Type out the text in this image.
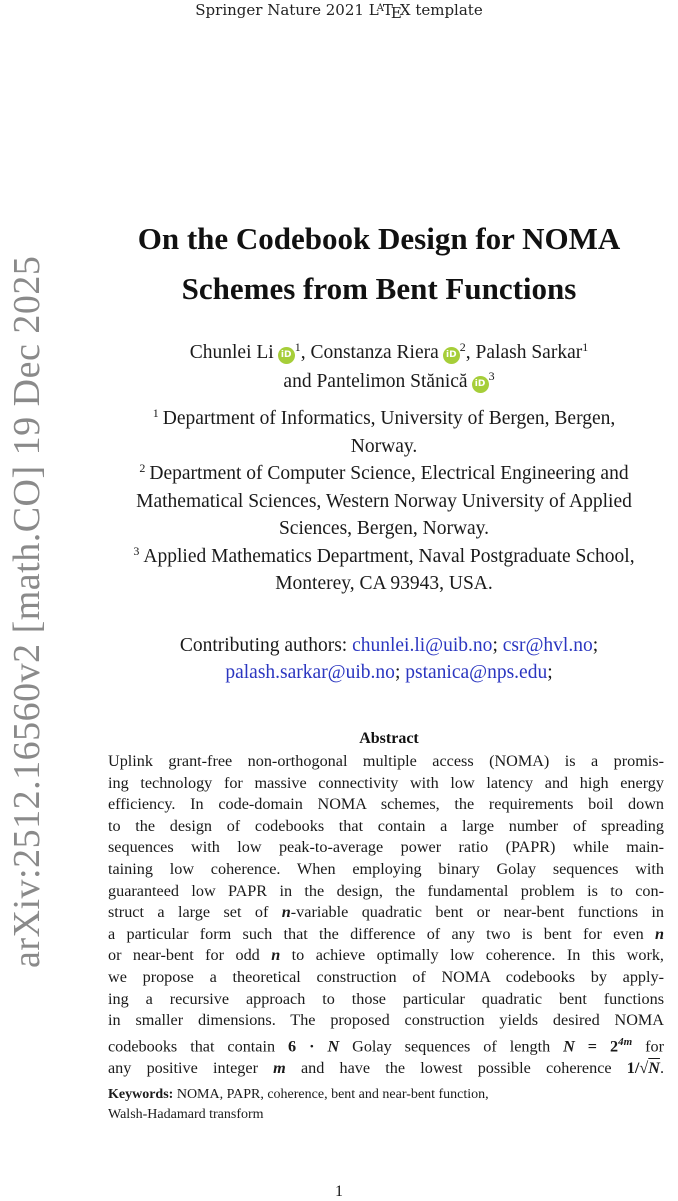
Springer Nature 2021 $L^AT_EX$ template
arXiv:2512.16560v2 [math.CO] 19 Dec 2025
On the Codebook Design for NOMA
Schemes from Bent Functions
Chunlei Li $iD^1$, Constanza Riera $iD^2$, Palash Sarkar$^1$
and Pantelimon Stănică $iD^3$
$^1$ Department of Informatics, University of Bergen, Bergen,
Norway.
$^2$ Department of Computer Science, Electrical Engineering and
Mathematical Sciences, Western Norway University of Applied
Sciences, Bergen, Norway.
$^3$ Applied Mathematics Department, Naval Postgraduate School,
Monterey, CA 93943, USA.
Contributing authors: chunlei.li@uib.no; csr@hvl.no;
palash.sarkar@uib.no; pstanica@nps.edu;
Abstract
Uplink grant-free non-orthogonal multiple access (NOMA) is a promis-
ing technology for massive connectivity with low latency and high energy
efficiency. In code-domain NOMA schemes, the requirements boil down
to the design of codebooks that contain a large number of spreading
sequences with low peak-to-average power ratio (PAPR) while main-
taining low coherence. When employing binary Golay sequences with
guaranteed low PAPR in the design, the fundamental problem is to con-
struct a large set of n-variable quadratic bent or near-bent functions in
a particular form such that the difference of any two is bent for even n
or near-bent for odd n to achieve optimally low coherence. In this work,
we propose a theoretical construction of NOMA codebooks by apply-
ing a recursive approach to those particular quadratic bent functions
in smaller dimensions. The proposed construction yields desired NOMA
codebooks that contain 6 · N Golay sequences of length $N = 2^{4m}$ for
any positive integer m and have the lowest possible coherence 1/√N.
Keywords: NOMA, PAPR, coherence, bent and near-bent function,
Walsh-Hadamard transform
1
